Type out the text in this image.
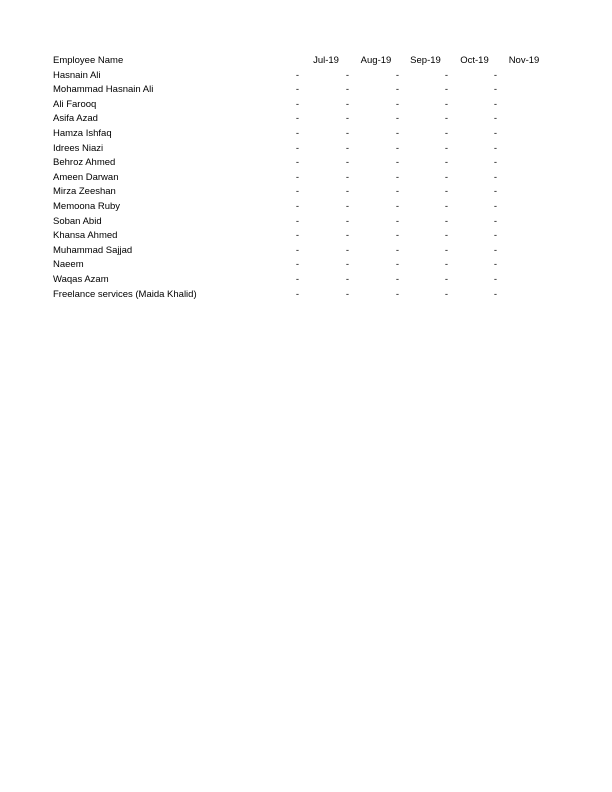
Employee Name		Jul-19	Aug-19	Sep-19	Oct-19	Nov-19
Hasnain Ali	-	-	-	-	-	
Mohammad Hasnain Ali	-	-	-	-	-	
Ali Farooq	-	-	-	-	-	
Asifa Azad	-	-	-	-	-	
Hamza Ishfaq	-	-	-	-	-	
Idrees Niazi	-	-	-	-	-	
Behroz Ahmed	-	-	-	-	-	
Ameen Darwan	-	-	-	-	-	
Mirza Zeeshan	-	-	-	-	-	
Memoona Ruby	-	-	-	-	-	
Soban Abid	-	-	-	-	-	
Khansa Ahmed	-	-	-	-	-	
Muhammad Sajjad	-	-	-	-	-	
Naeem	-	-	-	-	-	
Waqas Azam	-	-	-	-	-	
Freelance services (Maida Khalid)	-	-	-	-	-	
